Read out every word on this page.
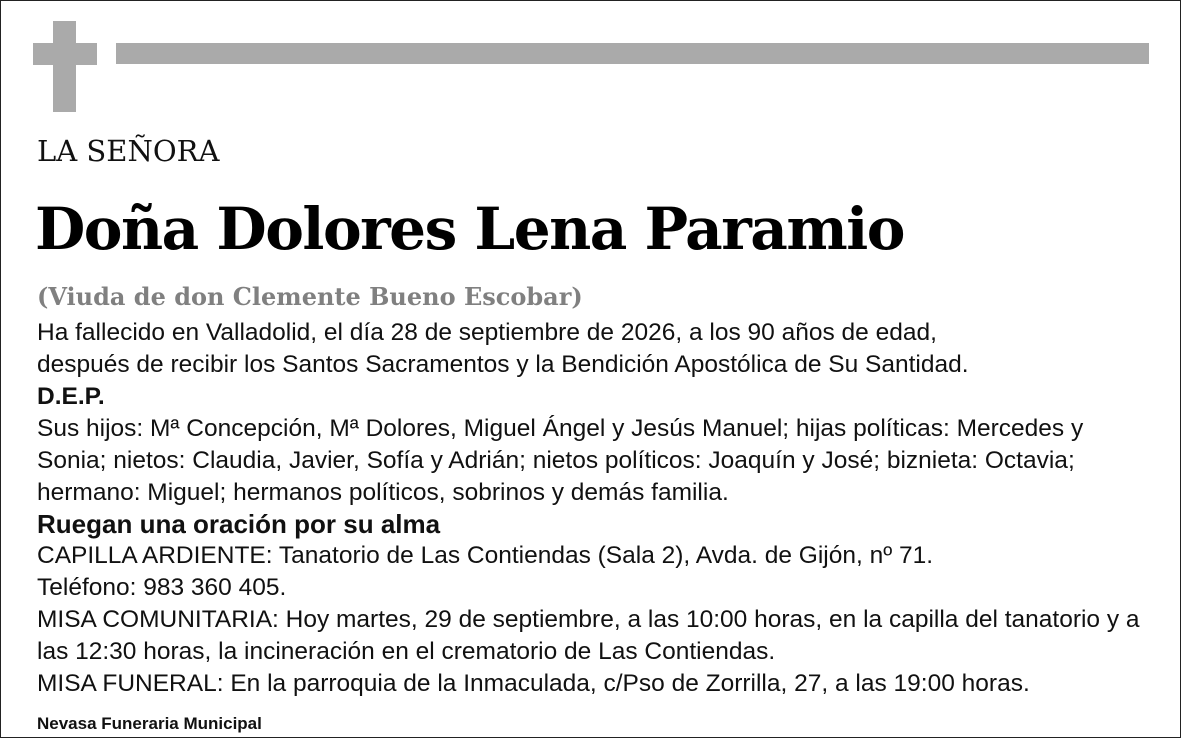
LA SEÑORA
Doña Dolores Lena Paramio
(Viuda de don Clemente Bueno Escobar)

Ha fallecido en Valladolid, el día 28 de septiembre de 2026, a los 90 años de edad,

después de recibir los Santos Sacramentos y la Bendición Apostólica de Su Santidad.

D.E.P.

Sus hijos: Mª Concepción, Mª Dolores, Miguel Ángel y Jesús Manuel; hijas políticas: Mercedes y Sonia; nietos: Claudia, Javier, Sofía y Adrián; nietos políticos: Joaquín y José; biznieta: Octavia; hermano: Miguel; hermanos políticos, sobrinos y demás familia.

Ruegan una oración por su alma

CAPILLA ARDIENTE: Tanatorio de Las Contiendas (Sala 2), Avda. de Gijón, nº 71.

Teléfono: 983 360 405.

MISA COMUNITARIA: Hoy martes, 29 de septiembre, a las 10:00 horas, en la capilla del tanatorio y a las 12:30 horas, la incineración en el crematorio de Las Contiendas.

MISA FUNERAL: En la parroquia de la Inmaculada, c/Pso de Zorrilla, 27, a las 19:00 horas.

Nevasa Funeraria Municipal
